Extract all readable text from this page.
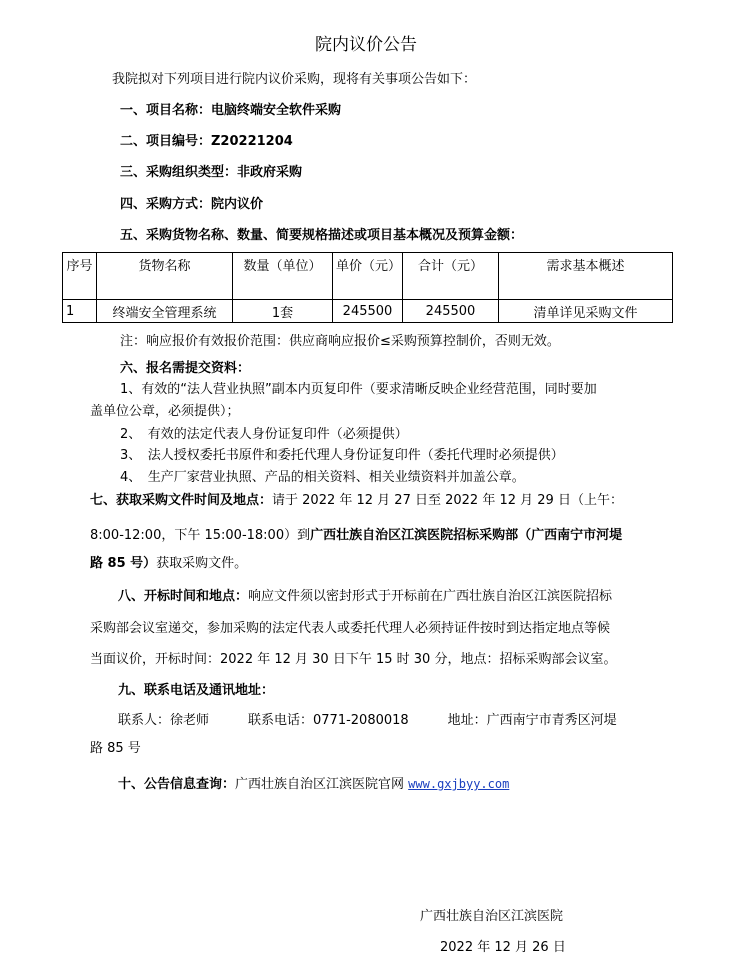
院内议价公告
我院拟对下列项目进行院内议价采购，现将有关事项公告如下：
一、项目名称：电脑终端安全软件采购
二、项目编号：Z20221204
三、采购组织类型：非政府采购
四、采购方式：院内议价
五、采购货物名称、数量、简要规格描述或项目基本概况及预算金额：
序号	货物名称	数量（单位）	单价（元）	合计（元）	需求基本概述
1	终端安全管理系统	1套	245500	245500	清单详见采购文件
注：响应报价有效报价范围：供应商响应报价≤采购预算控制价，否则无效。
六、报名需提交资料：
1、有效的“法人营业执照”副本内页复印件（要求清晰反映企业经营范围，同时要加
盖单位公章，必须提供）；
2、　有效的法定代表人身份证复印件（必须提供）
3、　法人授权委托书原件和委托代理人身份证复印件（委托代理时必须提供）
4、　生产厂家营业执照、产品的相关资料、相关业绩资料并加盖公章。
七、获取采购文件时间及地点：请于 2022 年 12 月 27 日至 2022 年 12 月 29 日（上午：
8:00-12:00，下午 15:00-18:00）到广西壮族自治区江滨医院招标采购部（广西南宁市河堤
路 85 号）获取采购文件。
八、开标时间和地点：响应文件须以密封形式于开标前在广西壮族自治区江滨医院招标
采购部会议室递交，参加采购的法定代表人或委托代理人必须持证件按时到达指定地点等候
当面议价，开标时间：2022 年 12 月 30 日下午 15 时 30 分，地点：招标采购部会议室。
九、联系电话及通讯地址：
联系人：徐老师　　　联系电话：0771-2080018　　　地址：广西南宁市青秀区河堤
路 85 号
十、公告信息查询：广西壮族自治区江滨医院官网 www.gxjbyy.com
广西壮族自治区江滨医院
2022 年 12 月 26 日
